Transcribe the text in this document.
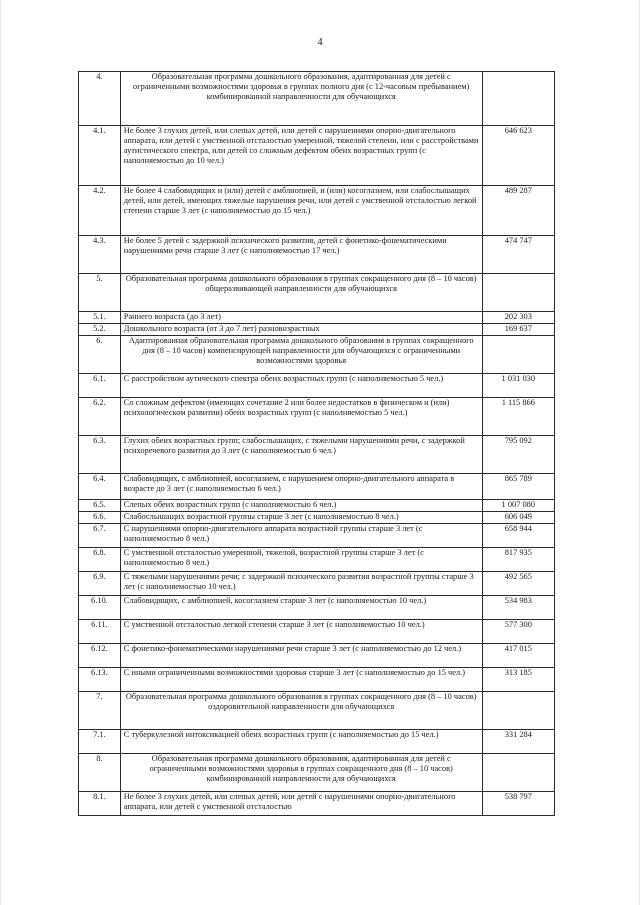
4
4.	Образовательная программа дошкольного образования, адаптированная для детей с ограниченными возможностями здоровья в группах полного дня (с 12-часовым пребыванием) комбинированной направленности для обучающихся	
4.1.	Не более 3 глухих детей, или слепых детей, или детей с нарушениями опорно-двигательного аппарата, или детей с умственной отсталостью умеренной, тяжелой степени, или с расстройствами аутистического спектра, или детей со сложным дефектом обеих возрастных групп (с наполняемостью до 10 чел.)	646 623
4.2.	Не более 4 слабовидящих и (или) детей с амблиопией, и (или) косоглазием, или слабослышащих детей, или детей, имеющих тяжелые нарушения речи, или детей с умственной отсталостью легкой степени старше 3 лет (с наполняемостью до 15 чел.)	489 287
4.3.	Не более 5 детей с задержкой психического развития, детей с фонетико-фонематическими нарушениями речи старше 3 лет (с наполняемостью 17 чел.)	474 747
5.	Образовательная программа дошкольного образования в группах сокращенного дня (8 – 10 часов) общеразвивающей направленности для обучающихся	
5.1.	Раннего возраста (до 3 лет)	202 303
5.2.	Дошкольного возраста (от 3 до 7 лет) разновозрастных	169 637
6.	Адаптированная образовательная программа дошкольного образования в группах сокращенного дня (8 – 10 часов) компенсирующей направленности для обучающихся с ограниченными возможностями здоровья	
6.1.	С расстройством аутического спектра обеих возрастных групп (с наполняемостью 5 чел.)	1 031 030
6.2.	Со сложным дефектом (имеющих сочетание 2 или более недостатков в физическом и (или) психологическом развитии) обеих возрастных групп (с наполняемостью 5 чел.)	1 115 866
6.3.	Глухих обеих возрастных групп; слабослышащих, с тяжелыми нарушениями речи, с задержкой психоречевого развития до 3 лет (с наполняемостью 6 чел.)	795 092
6.4.	Слабовидящих, с амблиопией, косоглазием, с нарушением опорно-двигательного аппарата в возрасте до 3 лет (с наполняемостью 6 чел.)	865 789
6.5.	Слепых обеих возрастных групп (с наполняемостью 6 чел.)	1 007 080
6.6.	Слабослышащих возрастной группы старше 3 лет (с наполняемостью 8 чел.)	606 049
6.7.	С нарушениями опорно-двигательного аппарата возрастной группы старше 3 лет (с наполняемостью 8 чел.)	658 944
6.8.	С умственной отсталостью умеренной, тяжелой, возрастной группы старше 3 лет (с наполняемостью 8 чел.)	817 935
6.9.	С тяжелыми нарушениями речи; с задержкой психического развития возрастной группы старше 3 лет (с наполняемостью 10 чел.)	492 565
6.10.	Слабовидящих, с амблиопией, косоглазием старше 3 лет (с наполняемостью 10 чел.)	534 983
6.11.	С умственной отсталостью легкой степени старше 3 лет (с наполняемостью 10 чел.)	577 300
6.12.	С фонетико-фонематическими нарушениями речи старше 3 лет (с наполняемостью до 12 чел.)	417 015
6.13.	С иными ограниченными возможностями здоровья старше 3 лет (с наполняемостью до 15 чел.)	313 185
7.	Образовательная программа дошкольного образования в группах сокращенного дня (8 – 10 часов) оздоровительной направленности для обучающихся	
7.1.	С туберкулезной интоксикацией обеих возрастных групп (с наполняемостью до 15 чел.)	331 284
8.	Образовательная программа дошкольного образования, адаптированная для детей с ограниченными возможностями здоровья в группах сокращенного дня (8 – 10 часов) комбинированной направленности для обучающихся	
8.1.	Не более 3 глухих детей, или слепых детей, или детей с нарушениями опорно-двигательного аппарата, или детей с умственной отсталостью	538 797
